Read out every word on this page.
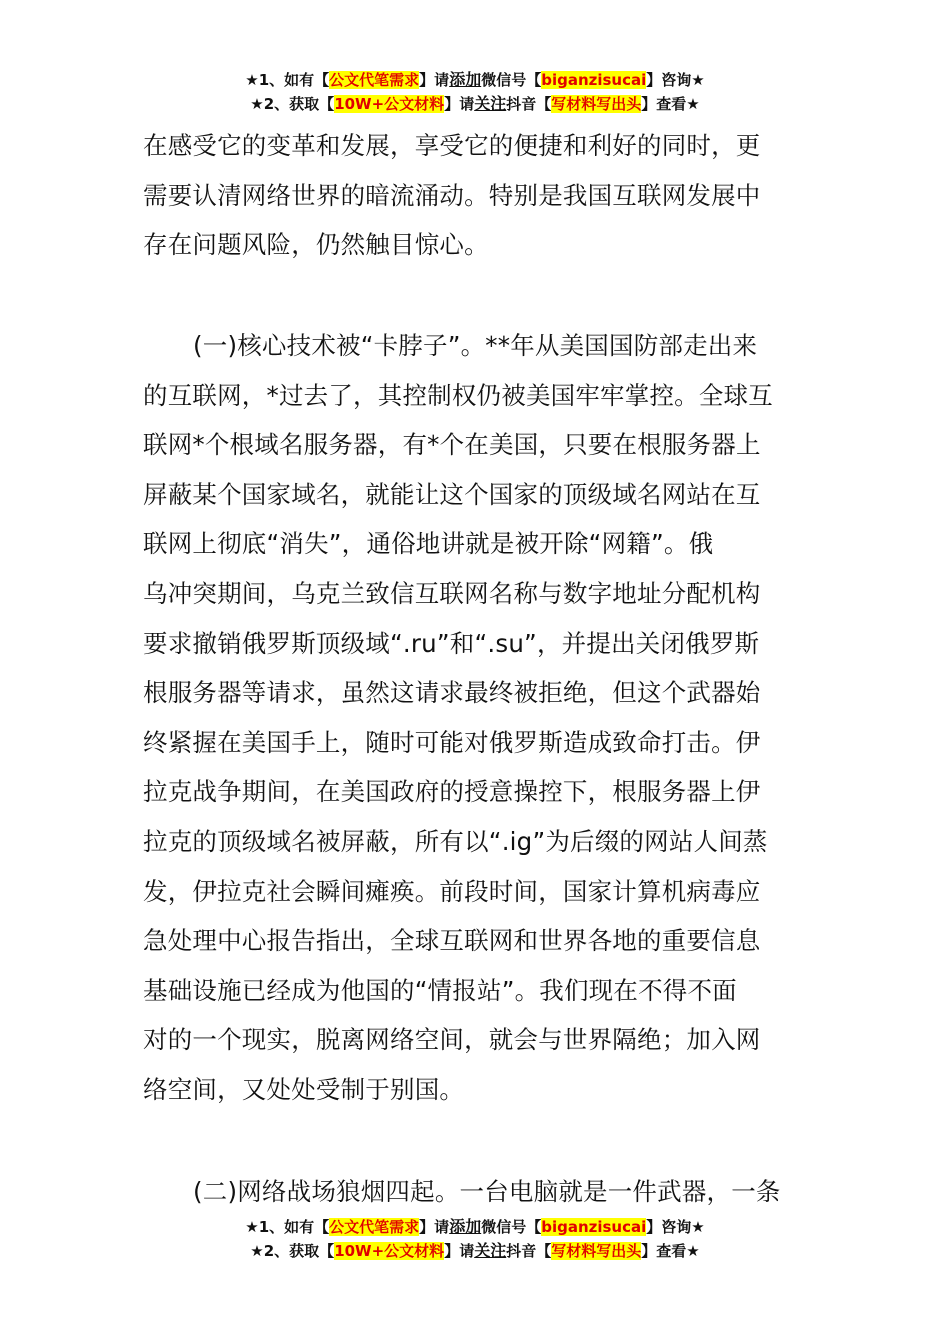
★1、如有【公文代笔需求】请添加微信号【biganzisucai】咨询★
★2、获取【10W+公文材料】请关注抖音【写材料写出头】查看★
在感受它的变革和发展，享受它的便捷和利好的同时，更
需要认清网络世界的暗流涌动。特别是我国互联网发展中
存在问题风险，仍然触目惊心。
(一)核心技术被“卡脖子”。**年从美国国防部走出来
的互联网，*过去了，其控制权仍被美国牢牢掌控。全球互
联网*个根域名服务器，有*个在美国，只要在根服务器上
屏蔽某个国家域名，就能让这个国家的顶级域名网站在互
联网上彻底“消失”，通俗地讲就是被开除“网籍”。俄
乌冲突期间，乌克兰致信互联网名称与数字地址分配机构
要求撤销俄罗斯顶级域“.ru”和“.su”，并提出关闭俄罗斯
根服务器等请求，虽然这请求最终被拒绝，但这个武器始
终紧握在美国手上，随时可能对俄罗斯造成致命打击。伊
拉克战争期间，在美国政府的授意操控下，根服务器上伊
拉克的顶级域名被屏蔽，所有以“.ig”为后缀的网站人间蒸
发，伊拉克社会瞬间瘫痪。前段时间，国家计算机病毒应
急处理中心报告指出，全球互联网和世界各地的重要信息
基础设施已经成为他国的“情报站”。我们现在不得不面
对的一个现实，脱离网络空间，就会与世界隔绝；加入网
络空间，又处处受制于别国。
(二)网络战场狼烟四起。一台电脑就是一件武器，一条
★1、如有【公文代笔需求】请添加微信号【biganzisucai】咨询★
★2、获取【10W+公文材料】请关注抖音【写材料写出头】查看★
